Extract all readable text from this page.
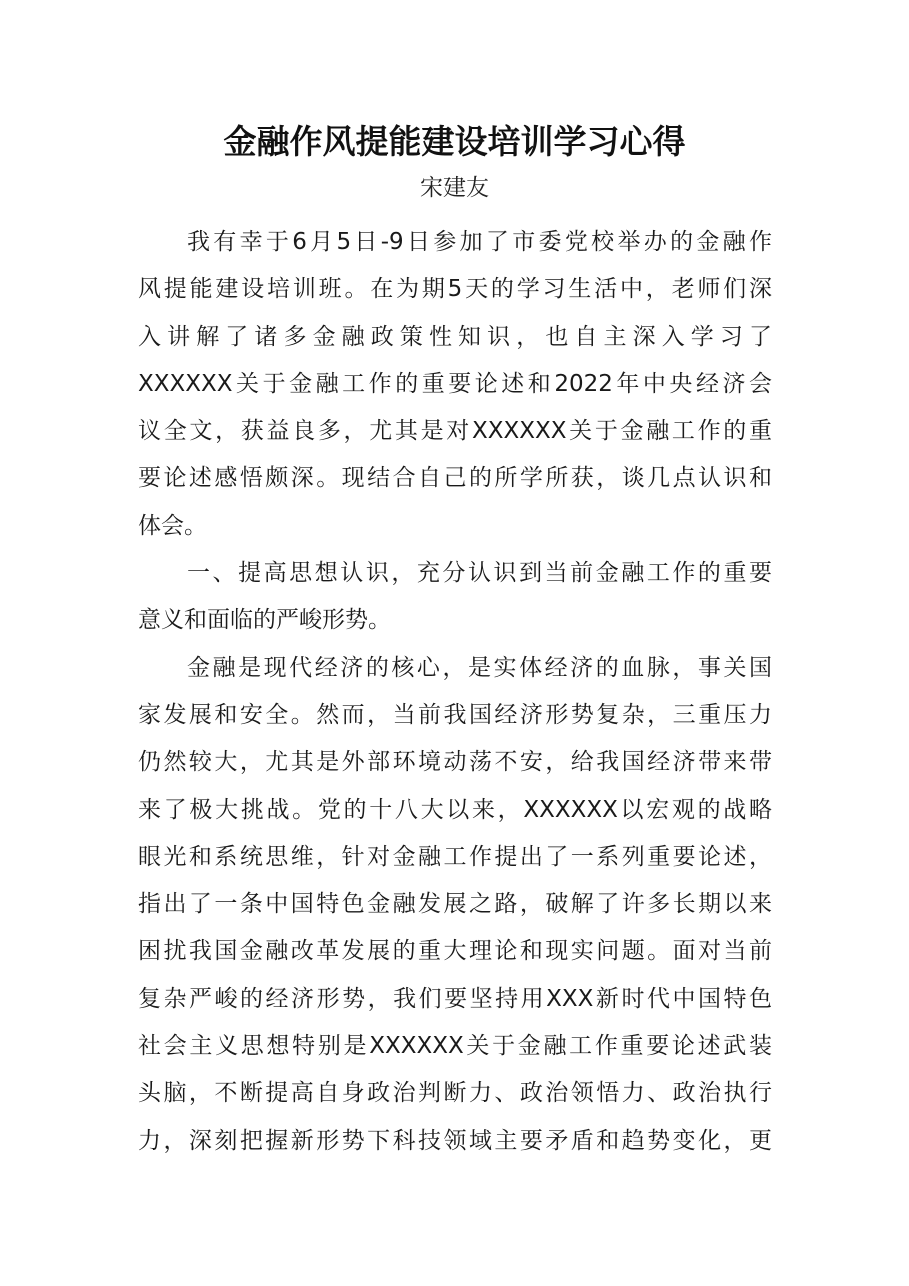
金融作风提能建设培训学习心得
宋建友
我有幸于6月5日-9日参加了市委党校举办的金融作
风提能建设培训班。在为期5天的学习生活中，老师们深
入讲解了诸多金融政策性知识，也自主深入学习了
XXXXXX关于金融工作的重要论述和2022年中央经济会
议全文，获益良多，尤其是对XXXXXX关于金融工作的重
要论述感悟颇深。现结合自己的所学所获，谈几点认识和
体会。
一、提高思想认识，充分认识到当前金融工作的重要
意义和面临的严峻形势。
金融是现代经济的核心，是实体经济的血脉，事关国
家发展和安全。然而，当前我国经济形势复杂，三重压力
仍然较大，尤其是外部环境动荡不安，给我国经济带来带
来了极大挑战。党的十八大以来，XXXXXX以宏观的战略
眼光和系统思维，针对金融工作提出了一系列重要论述，
指出了一条中国特色金融发展之路，破解了许多长期以来
困扰我国金融改革发展的重大理论和现实问题。面对当前
复杂严峻的经济形势，我们要坚持用XXX新时代中国特色
社会主义思想特别是XXXXXX关于金融工作重要论述武装
头脑，不断提高自身政治判断力、政治领悟力、政治执行
力，深刻把握新形势下科技领域主要矛盾和趋势变化，更
